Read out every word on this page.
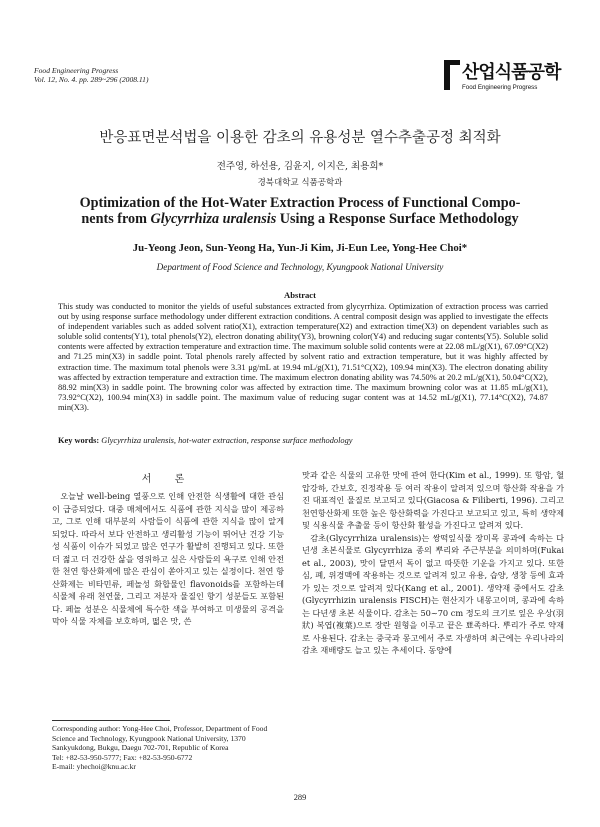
Food Engineering Progress
Vol. 12, No. 4. pp. 289~296 (2008.11)	산업식품공학
Food Engineering Progress
반응표면분석법을 이용한 감초의 유용성분 열수추출공정 최적화
전주영, 하선용, 김윤지, 이지은, 최용희*
경북대학교 식품공학과
Optimization of the Hot-Water Extraction Process of Functional Compo-
nents from Glycyrrhiza uralensis Using a Response Surface Methodology
Ju-Yeong Jeon, Sun-Yeong Ha, Yun-Ji Kim, Ji-Eun Lee, Yong-Hee Choi*
Department of Food Science and Technology, Kyungpook National University
Abstract
This study was conducted to monitor the yields of useful substances extracted from glycyrrhiza. Optimization of extraction process was carried out by using response surface methodology under different extraction conditions. A central composit design was applied to investigate the effects of independent variables such as added solvent ratio(X1), extraction temperature(X2) and extraction time(X3) on dependent variables such as soluble solid contents(Y1), total phenols(Y2), electron donating ability(Y3), browning color(Y4) and reducing sugar contents(Y5). Soluble solid contents were affected by extraction temperature and extraction time. The maximum soluble solid contents were at 22.08 mL/g(X1), 67.09°C(X2) and 71.25 min(X3) in saddle point. Total phenols rarely affected by solvent ratio and extraction temperature, but it was highly affected by extraction time. The maximum total phenols were 3.31 μg/mL at 19.94 mL/g(X1), 71.51°C(X2), 109.94 min(X3). The electron donating ability was affected by extraction temperature and extraction time. The maximum electron donating ability was 74.50% at 20.2 mL/g(X1), 50.04°C(X2), 88.92 min(X3) in saddle point. The browning color was affected by extraction time. The maximum browning color was at 11.85 mL/g(X1), 73.92°C(X2), 100.94 min(X3) in saddle point. The maximum value of reducing sugar content was at 14.52 mL/g(X1), 77.14°C(X2), 74.87 min(X3).
Key words: Glycyrrhiza uralensis, hot-water extraction, response surface methodology
서 론

오늘날 well-being 열풍으로 인해 안전한 식생활에 대한 관심이 급증되었다. 대중 매체에서도 식품에 관한 지식을 많이 제공하고, 그로 인해 대부분의 사람들이 식품에 관한 지식을 많이 알게 되었다. 따라서 보다 안전하고 생리활성 기능이 뛰어난 건강 기능성 식품이 이슈가 되었고 많은 연구가 활발히 진행되고 있다. 또한 더 젊고 더 건강한 삶을 영위하고 싶은 사람들의 욕구로 인해 안전한 천연 항산화제에 많은 관심이 쏟아지고 있는 실정이다. 천연 항산화제는 비타민류, 페놀성 화합물인 flavonoids를 포함하는데 식물체 유래 천연물, 그리고 저분자 물질인 향기 성분들도 포함된다. 페놀 성분은 식물체에 특수한 색을 부여하고 미생물의 공격을 막아 식물 자체를 보호하며, 떫은 맛, 쓴

맛과 같은 식물의 고유한 맛에 관여 한다(Kim et al., 1999). 또 항암, 혈압강하, 간보호, 진정작용 등 여러 작용이 알려져 있으며 항산화 작용을 가진 대표적인 물질로 보고되고 있다(Giacosa & Filiberti, 1996). 그리고 천연항산화제 또한 높은 항산화력을 가진다고 보고되고 있고, 특히 생약제 및 식용식물 추출물 등이 항산화 활성을 가진다고 알려져 있다.

감초(Glycyrrhiza uralensis)는 쌍떡잎식물 장미목 콩과에 속하는 다년생 초본식물로 Glycyrrhiza 종의 뿌리와 주근부분을 의미하며(Fukai et al., 2003), 맛이 달면서 독이 없고 따뜻한 기운을 가지고 있다. 또한 심, 폐, 위경맥에 작용하는 것으로 알려져 있고 유용, 습양, 생창 등에 효과가 있는 것으로 알려져 있다(Kang et al., 2001). 생약재 중에서도 감초(Glycyrrhizin uralensis FISCH)는 현산지가 내몽고이며, 콩과에 속하는 다년생 초본 식물이다. 감초는 50~70 cm 정도의 크기로 잎은 우상(羽狀) 복엽(複葉)으로 장란 원형을 이루고 끝은 뾰족하다. 뿌리가 주로 약재로 사용된다. 감초는 중국과 몽고에서 주로 자생하며 최근에는 우리나라의 감초 재배량도 늘고 있는 추세이다. 동양에

Corresponding author: Yong-Hee Choi, Professor, Department of Food
Science and Technology, Kyungpook National University, 1370
Sankyukdong, Bukgu, Daegu 702-701, Republic of Korea
Tel: +82-53-950-5777; Fax: +82-53-950-6772
E-mail: yhechoi@knu.ac.kr
289
